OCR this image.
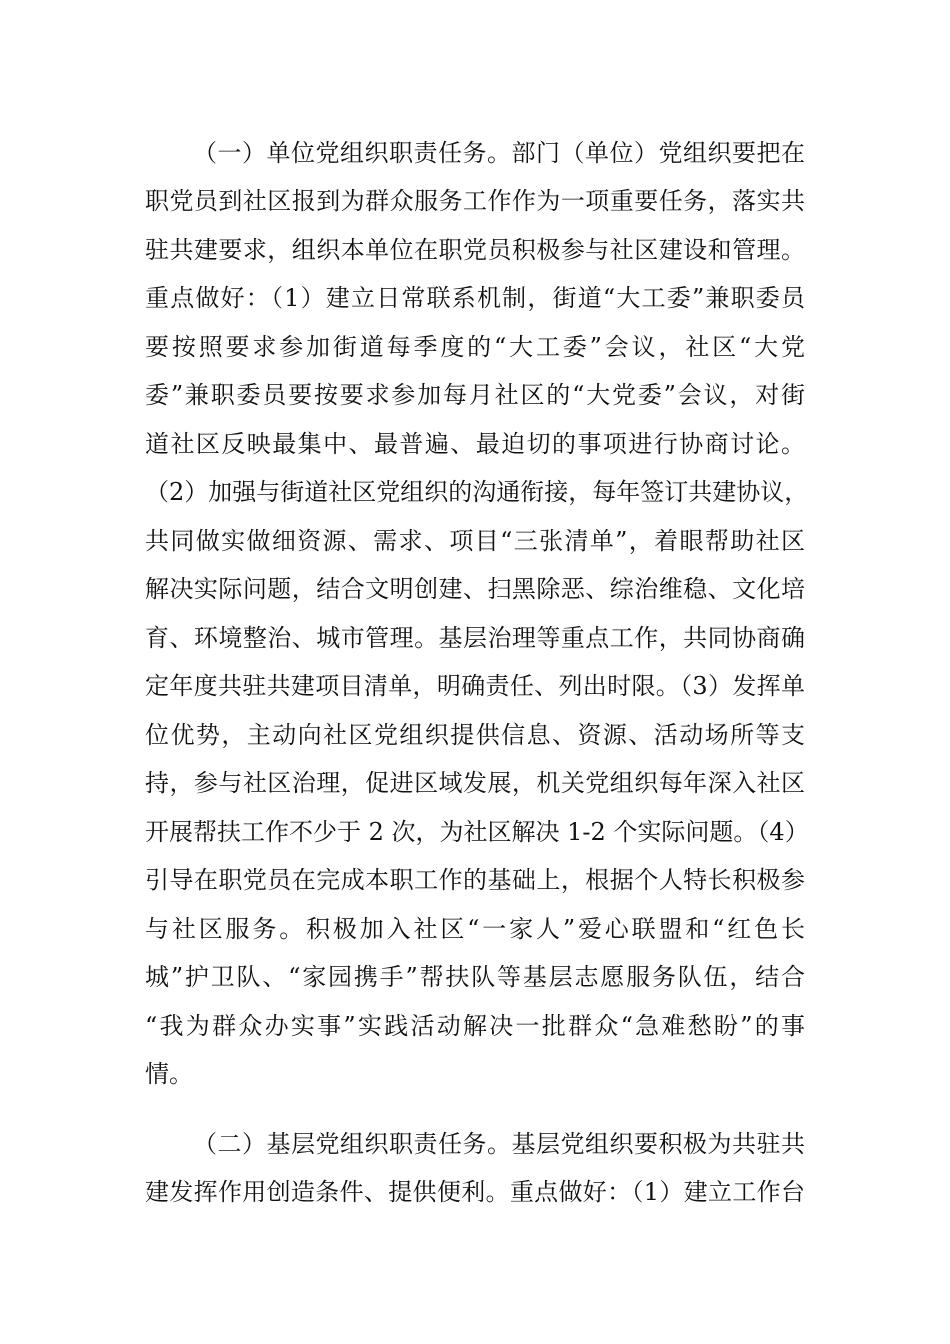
（一）单位党组织职责任务。部门（单位）党组织要把在

职党员到社区报到为群众服务工作作为一项重要任务，落实共

驻共建要求，组织本单位在职党员积极参与社区建设和管理。

重点做好：（1）建立日常联系机制，街道“大工委”兼职委员

要按照要求参加街道每季度的“大工委”会议，社区“大党

委”兼职委员要按要求参加每月社区的“大党委”会议，对街

道社区反映最集中、最普遍、最迫切的事项进行协商讨论。

（2）加强与街道社区党组织的沟通衔接，每年签订共建协议，

共同做实做细资源、需求、项目“三张清单”，着眼帮助社区

解决实际问题，结合文明创建、扫黑除恶、综治维稳、文化培

育、环境整治、城市管理。基层治理等重点工作，共同协商确

定年度共驻共建项目清单，明确责任、列出时限。（3）发挥单

位优势，主动向社区党组织提供信息、资源、活动场所等支

持，参与社区治理，促进区域发展，机关党组织每年深入社区

开展帮扶工作不少于 2 次，为社区解决 1-2 个实际问题。（4）

引导在职党员在完成本职工作的基础上，根据个人特长积极参

与社区服务。积极加入社区“一家人”爱心联盟和“红色长

城”护卫队、“家园携手”帮扶队等基层志愿服务队伍，结合

“我为群众办实事”实践活动解决一批群众“急难愁盼”的事

情。

（二）基层党组织职责任务。基层党组织要积极为共驻共

建发挥作用创造条件、提供便利。重点做好：（1）建立工作台
